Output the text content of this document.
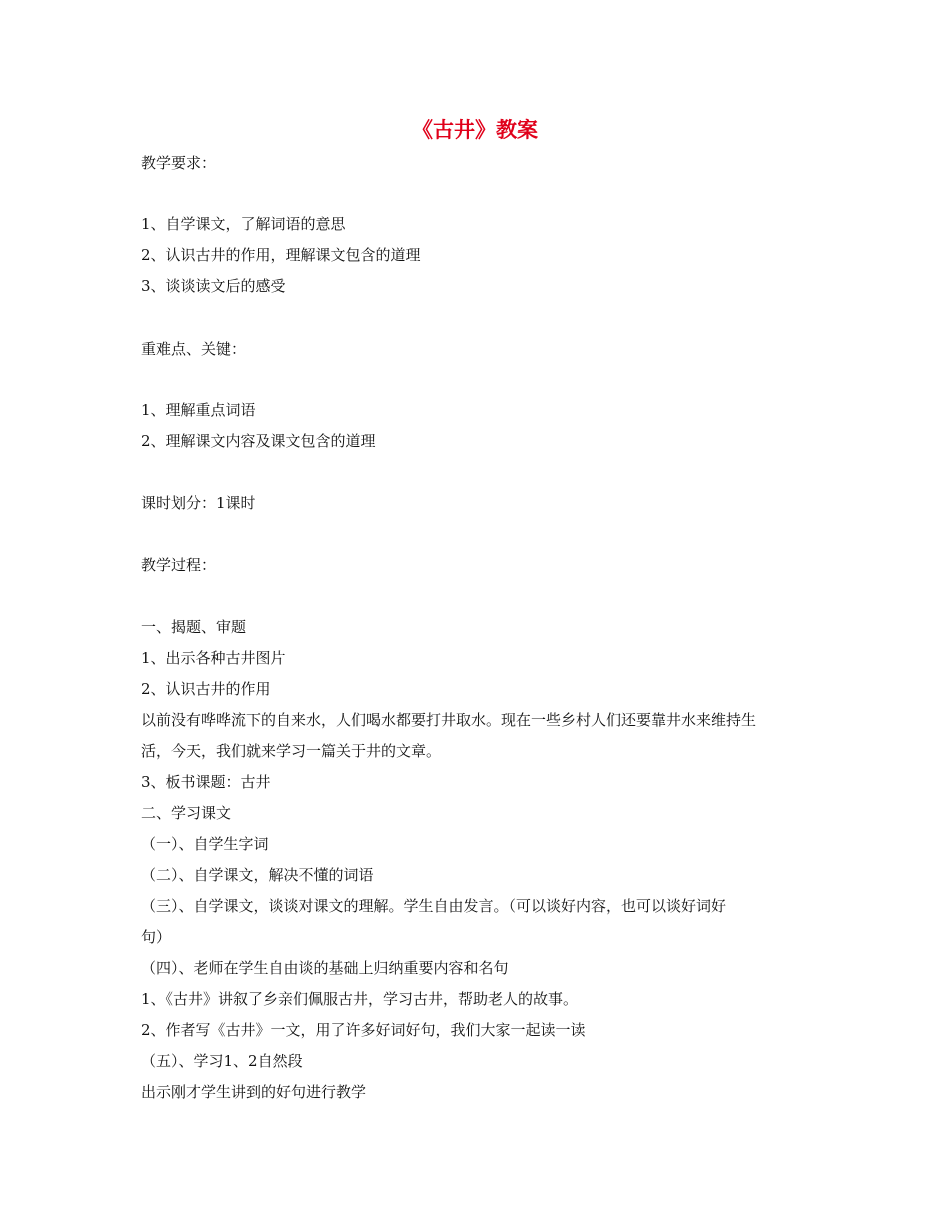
《古井》教案
教学要求：
1、自学课文，了解词语的意思
2、认识古井的作用，理解课文包含的道理
3、谈谈读文后的感受
重难点、关键：
1、理解重点词语
2、理解课文内容及课文包含的道理
课时划分：1课时
教学过程：
一、揭题、审题
1、出示各种古井图片
2、认识古井的作用
以前没有哗哗流下的自来水，人们喝水都要打井取水。现在一些乡村人们还要靠井水来维持生
活，今天，我们就来学习一篇关于井的文章。
3、板书课题：古井
二、学习课文
（一）、自学生字词
（二）、自学课文，解决不懂的词语
（三）、自学课文，谈谈对课文的理解。学生自由发言。（可以谈好内容，也可以谈好词好
句）
（四）、老师在学生自由谈的基础上归纳重要内容和名句
1、《古井》讲叙了乡亲们佩服古井，学习古井，帮助老人的故事。
2、作者写《古井》一文，用了许多好词好句，我们大家一起读一读
（五）、学习1、2自然段
出示刚才学生讲到的好句进行教学
